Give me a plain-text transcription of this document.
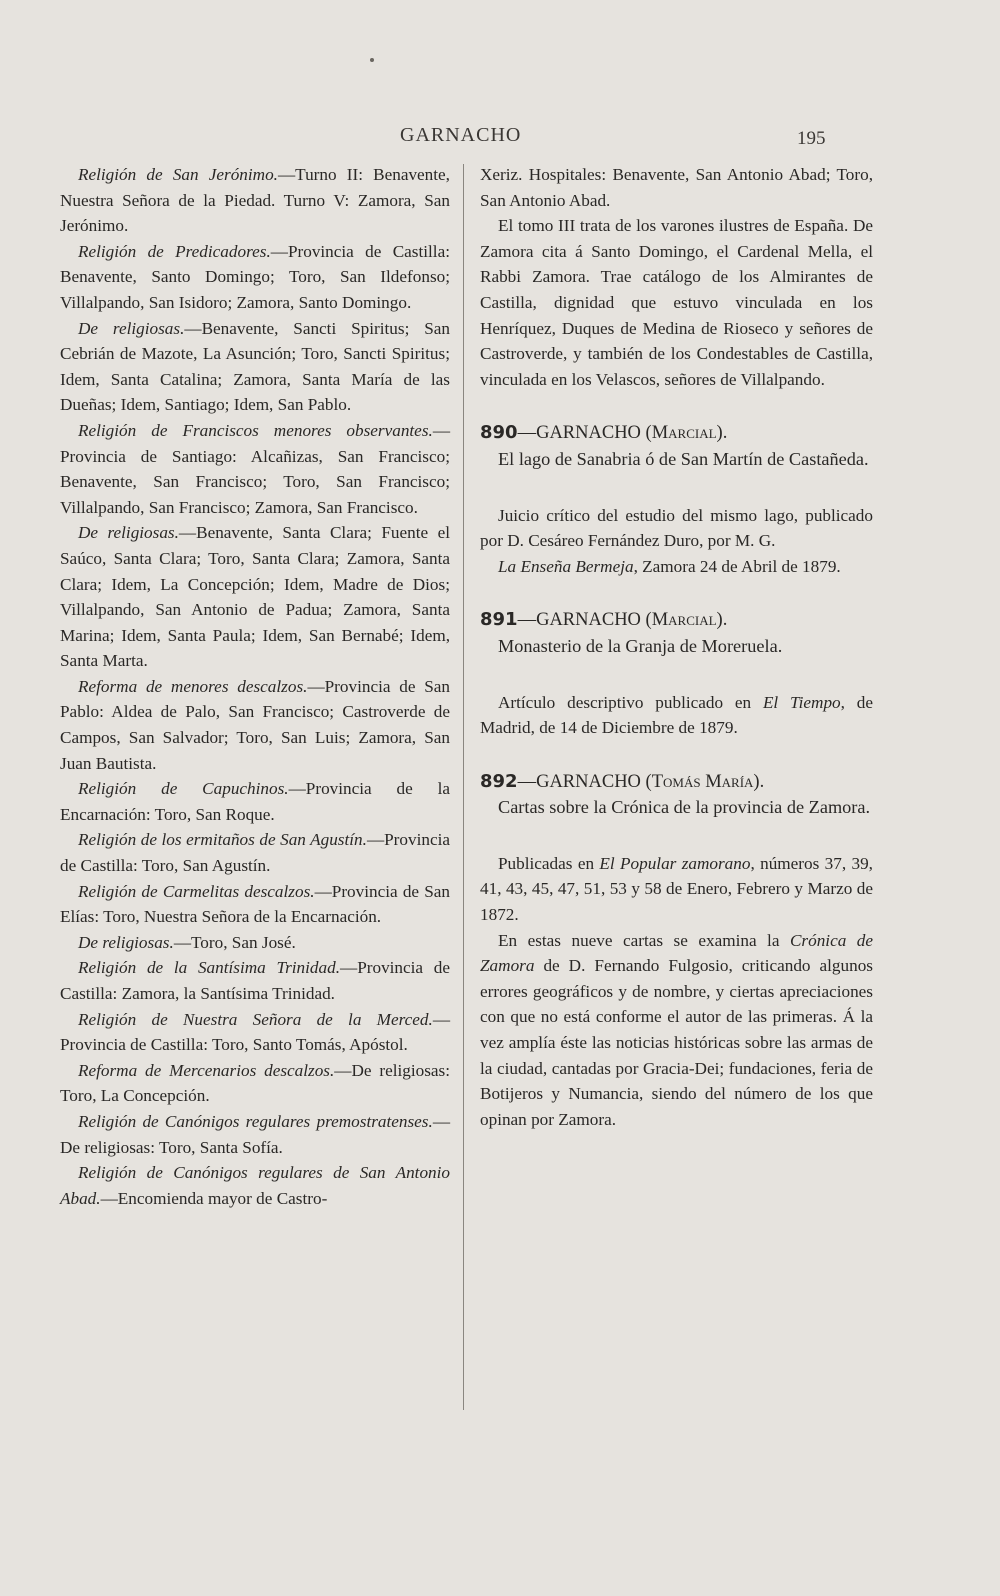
GARNACHO	195

Religión de San Jerónimo.—Turno II: Benavente, Nuestra Señora de la Piedad. Turno V: Zamora, San Jerónimo.

Religión de Predicadores.—Provincia de Castilla: Benavente, Santo Domingo; Toro, San Ildefonso; Villalpando, San Isidoro; Zamora, Santo Domingo.

De religiosas.—Benavente, Sancti Spiritus; San Cebrián de Mazote, La Asunción; Toro, Sancti Spiritus; Idem, Santa Catalina; Zamora, Santa María de las Dueñas; Idem, Santiago; Idem, San Pablo.

Religión de Franciscos menores observantes.—Provincia de Santiago: Alcañizas, San Francisco; Benavente, San Francisco; Toro, San Francisco; Villalpando, San Francisco; Zamora, San Francisco.

De religiosas.—Benavente, Santa Clara; Fuente el Saúco, Santa Clara; Toro, Santa Clara; Zamora, Santa Clara; Idem, La Concepción; Idem, Madre de Dios; Villalpando, San Antonio de Padua; Zamora, Santa Marina; Idem, Santa Paula; Idem, San Bernabé; Idem, Santa Marta.

Reforma de menores descalzos.—Provincia de San Pablo: Aldea de Palo, San Francisco; Castroverde de Campos, San Salvador; Toro, San Luis; Zamora, San Juan Bautista.

Religión de Capuchinos.—Provincia de la Encarnación: Toro, San Roque.

Religión de los ermitaños de San Agustín.—Provincia de Castilla: Toro, San Agustín.

Religión de Carmelitas descalzos.—Provincia de San Elías: Toro, Nuestra Señora de la Encarnación.

De religiosas.—Toro, San José.

Religión de la Santísima Trinidad.—Provincia de Castilla: Zamora, la Santísima Trinidad.

Religión de Nuestra Señora de la Merced.—Provincia de Castilla: Toro, Santo Tomás, Apóstol.

Reforma de Mercenarios descalzos.—De religiosas: Toro, La Concepción.

Religión de Canónigos regulares premostratenses.—De religiosas: Toro, Santa Sofía.

Religión de Canónigos regulares de San Antonio Abad.—Encomienda mayor de Castro-

Xeriz. Hospitales: Benavente, San Antonio Abad; Toro, San Antonio Abad.

El tomo III trata de los varones ilustres de España. De Zamora cita á Santo Domingo, el Cardenal Mella, el Rabbi Zamora. Trae catálogo de los Almirantes de Castilla, dignidad que estuvo vinculada en los Henríquez, Duques de Medina de Rioseco y señores de Castroverde, y también de los Condestables de Castilla, vinculada en los Velascos, señores de Villalpando.

890—GARNACHO (Marcial).

El lago de Sanabria ó de San Martín de Castañeda.

Juicio crítico del estudio del mismo lago, publicado por D. Cesáreo Fernández Duro, por M. G.

La Enseña Bermeja, Zamora 24 de Abril de 1879.

891—GARNACHO (Marcial).

Monasterio de la Granja de Moreruela.

Artículo descriptivo publicado en El Tiempo, de Madrid, de 14 de Diciembre de 1879.

892—GARNACHO (Tomás María).

Cartas sobre la Crónica de la provincia de Zamora.

Publicadas en El Popular zamorano, números 37, 39, 41, 43, 45, 47, 51, 53 y 58 de Enero, Febrero y Marzo de 1872.

En estas nueve cartas se examina la Crónica de Zamora de D. Fernando Fulgosio, criticando algunos errores geográficos y de nombre, y ciertas apreciaciones con que no está conforme el autor de las primeras. Á la vez amplía éste las noticias históricas sobre las armas de la ciudad, cantadas por Gracia-Dei; fundaciones, feria de Botijeros y Numancia, siendo del número de los que opinan por Zamora.
